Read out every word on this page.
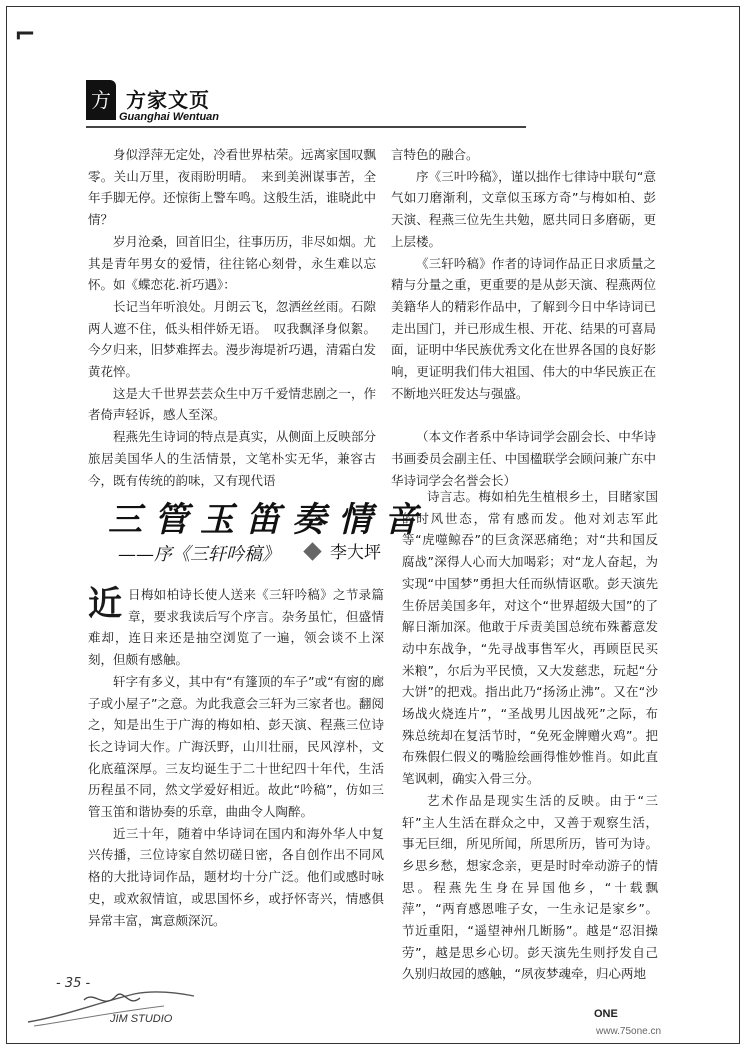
⌐
方 方家文页
Guanghai Wentuan

身似浮萍无定处，冷看世界枯荣。远离家国叹飘零。关山万里，夜雨盼明晴。　来到美洲谋事苦，全年手脚无停。还惊街上警车鸣。这般生活，谁晓此中情？

岁月沧桑，回首旧尘，往事历历，非尽如烟。尤其是青年男女的爱情，往往铭心刻骨，永生难以忘怀。如《蝶恋花.祈巧遇》：

长记当年听浪处。月朗云飞，忽洒丝丝雨。石隙两人遮不住，低头相伴娇无语。　叹我飘泽身似絮。今夕归来，旧梦难挥去。漫步海堤祈巧遇，清霜白发黄花悴。

这是大千世界芸芸众生中万千爱情悲剧之一，作者倚声轻诉，感人至深。

程燕先生诗词的特点是真实，从侧面上反映部分旅居美国华人的生活情景，文笔朴实无华，兼容古今，既有传统的韵味，又有现代语

言特色的融合。

序《三叶吟稿》，谨以拙作七律诗中联句“意气如刀磨渐利，文章似玉琢方奇”与梅如柏、彭天演、程燕三位先生共勉，愿共同日多磨砺，更上层楼。

《三轩吟稿》作者的诗词作品正日求质量之精与分量之重，更重要的是从彭天演、程燕两位美籍华人的精彩作品中，了解到今日中华诗词已走出国门，并已形成生根、开花、结果的可喜局面，证明中华民族优秀文化在世界各国的良好影响，更证明我们伟大祖国、伟大的中华民族正在不断地兴旺发达与强盛。

（本文作者系中华诗词学会副会长、中华诗书画委员会副主任、中国楹联学会顾问兼广东中华诗词学会名誉会长）

三管玉笛奏情音
——序《三轩吟稿》	李大坪

近日梅如柏诗长使人送来《三轩吟稿》之节录篇章，要求我读后写个序言。杂务虽忙，但盛情难却，连日来还是抽空浏览了一遍，领会谈不上深刻，但颇有感触。

轩字有多义，其中有“有篷顶的车子”或“有窗的廊子或小屋子”之意。为此我意会三轩为三家者也。翻阅之，知是出生于广海的梅如柏、彭天演、程燕三位诗长之诗词大作。广海沃野，山川壮丽，民风淳朴，文化底蕴深厚。三友均诞生于二十世纪四十年代，生活历程虽不同，然文学爱好相近。故此“吟稿”，仿如三管玉笛和谐协奏的乐章，曲曲令人陶醉。

近三十年，随着中华诗词在国内和海外华人中复兴传播，三位诗家自然切磋日密，各自创作出不同风格的大批诗词作品，题材均十分广泛。他们或感时咏史，或欢叙情谊，或思国怀乡，或抒怀寄兴，情感俱异常丰富，寓意颇深沉。

诗言志。梅如柏先生植根乡土，目睹家国的时风世态，常有感而发。他对刘志军此等“虎噬鲸吞”的巨贪深恶痛绝；对“共和国反腐战”深得人心而大加喝彩；对“龙人奋起，为实现“中国梦”勇担大任而纵情讴歌。彭天演先生侨居美国多年，对这个“世界超级大国”的了解日渐加深。他敢于斥责美国总统布殊蓄意发动中东战争，“先寻战事售军火，再顾臣民买米粮”，尔后为平民愤，又大发慈悲，玩起“分大饼”的把戏。指出此乃“扬汤止沸”。又在“沙场战火烧连片”，“圣战男儿因战死”之际，布殊总统却在复活节时，“免死金牌赠火鸡”。把布殊假仁假义的嘴脸绘画得惟妙惟肖。如此直笔讽刺，确实入骨三分。

艺术作品是现实生活的反映。由于“三轩”主人生活在群众之中，又善于观察生活，事无巨细，所见所闻，所思所历，皆可为诗。乡思乡愁，想家念亲，更是时时牵动游子的情思。程燕先生身在异国他乡，“十载飘萍”，“两育感恩唯子女，一生永记是家乡”。节近重阳，“遥望神州几断肠”。越是“忍泪操劳”，越是思乡心切。彭天演先生则抒发自己久别归故园的感触，“夙夜梦魂牵，归心两地

- 35 -
JIM STUDIO	ONE
www.75one.cn
